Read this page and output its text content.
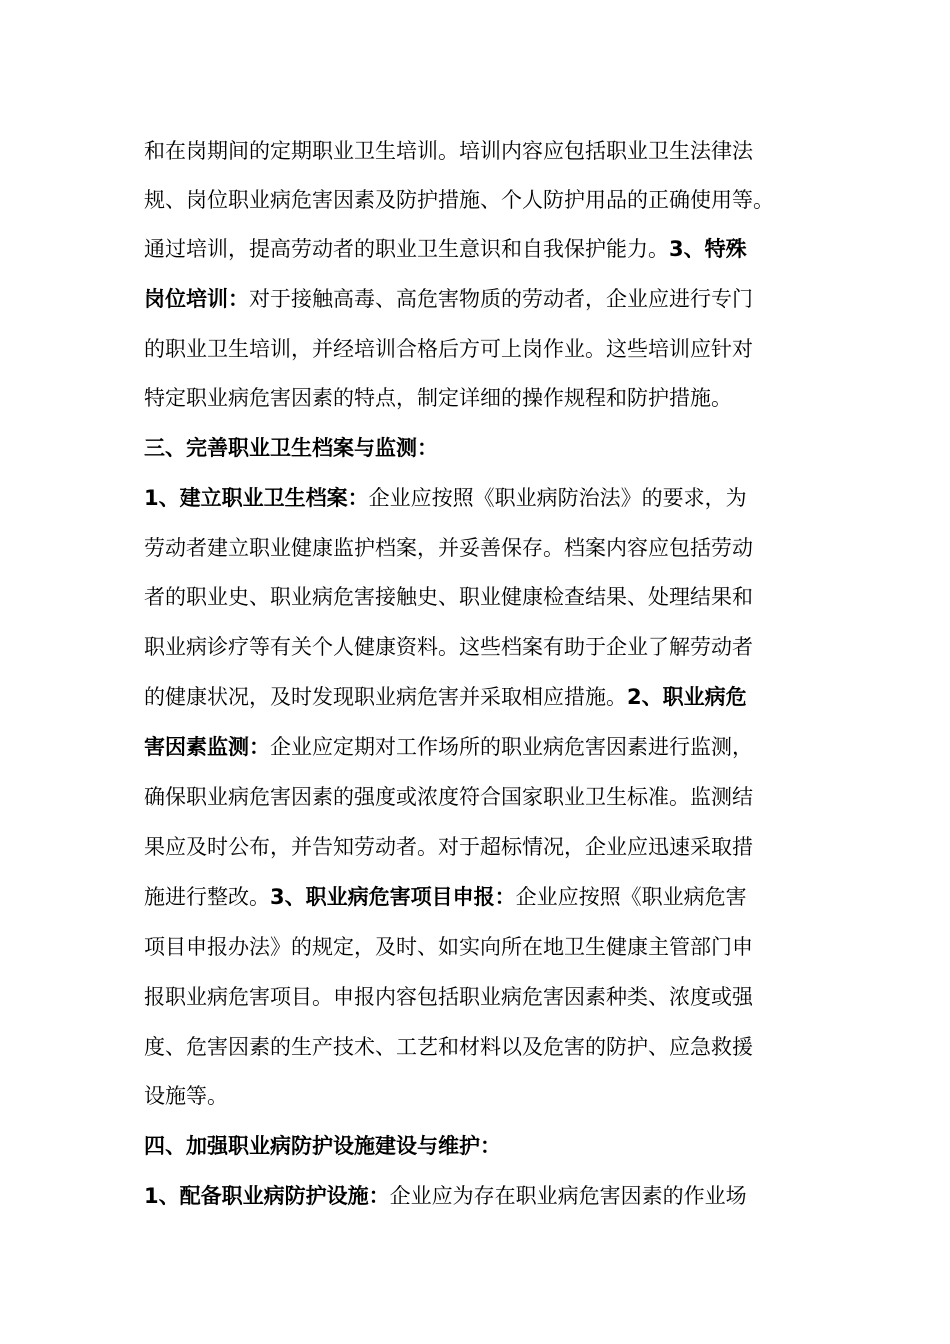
和在岗期间的定期职业卫生培训。培训内容应包括职业卫生法律法
规、岗位职业病危害因素及防护措施、个人防护用品的正确使用等。
通过培训，提高劳动者的职业卫生意识和自我保护能力。3、特殊
岗位培训：对于接触高毒、高危害物质的劳动者，企业应进行专门
的职业卫生培训，并经培训合格后方可上岗作业。这些培训应针对
特定职业病危害因素的特点，制定详细的操作规程和防护措施。
三、完善职业卫生档案与监测：
1、建立职业卫生档案：企业应按照《职业病防治法》的要求，为
劳动者建立职业健康监护档案，并妥善保存。档案内容应包括劳动
者的职业史、职业病危害接触史、职业健康检查结果、处理结果和
职业病诊疗等有关个人健康资料。这些档案有助于企业了解劳动者
的健康状况，及时发现职业病危害并采取相应措施。2、职业病危
害因素监测：企业应定期对工作场所的职业病危害因素进行监测，
确保职业病危害因素的强度或浓度符合国家职业卫生标准。监测结
果应及时公布，并告知劳动者。对于超标情况，企业应迅速采取措
施进行整改。3、职业病危害项目申报：企业应按照《职业病危害
项目申报办法》的规定，及时、如实向所在地卫生健康主管部门申
报职业病危害项目。申报内容包括职业病危害因素种类、浓度或强
度、危害因素的生产技术、工艺和材料以及危害的防护、应急救援
设施等。
四、加强职业病防护设施建设与维护：
1、配备职业病防护设施：企业应为存在职业病危害因素的作业场
